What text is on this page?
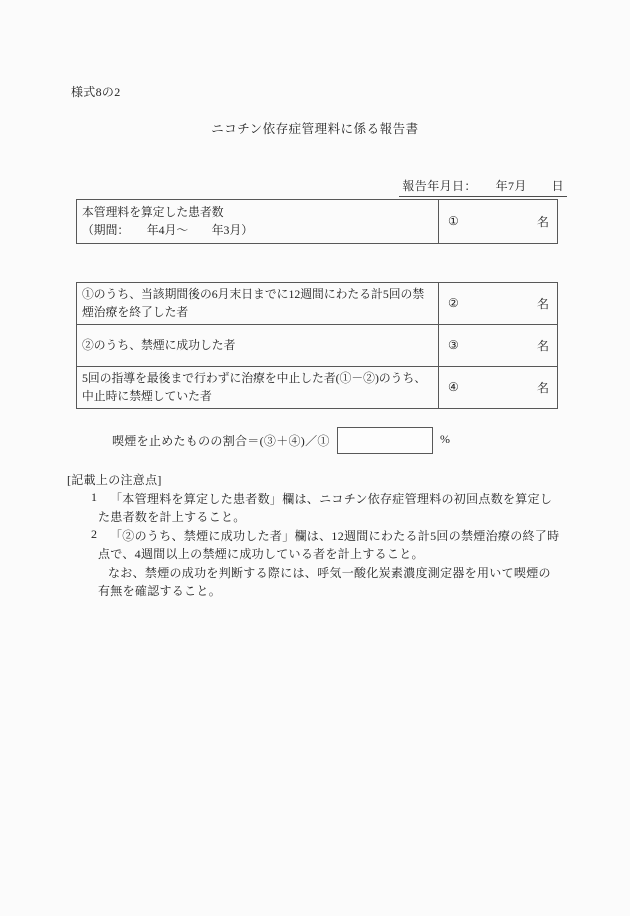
様式8の2
ニコチン依存症管理料に係る報告書
報告年月日：　　年7月　　日
本管理料を算定した患者数
（期間：　　年4月～　　年3月）
①	名
①のうち、当該期間後の6月末日までに12週間にわたる計5回の禁
煙治療を終了した者
②	名
②のうち、禁煙に成功した者	③	名
5回の指導を最後まで行わずに治療を中止した者(①－②)のうち、
中止時に禁煙していた者
④	名
喫煙を止めたものの割合＝(③＋④)／①	%
[記載上の注意点]
1 「本管理料を算定した患者数」欄は、ニコチン依存症管理料の初回点数を算定し
た患者数を計上すること。
2 「②のうち、禁煙に成功した者」欄は、12週間にわたる計5回の禁煙治療の終了時
点で、4週間以上の禁煙に成功している者を計上すること。
なお、禁煙の成功を判断する際には、呼気一酸化炭素濃度測定器を用いて喫煙の
有無を確認すること。
